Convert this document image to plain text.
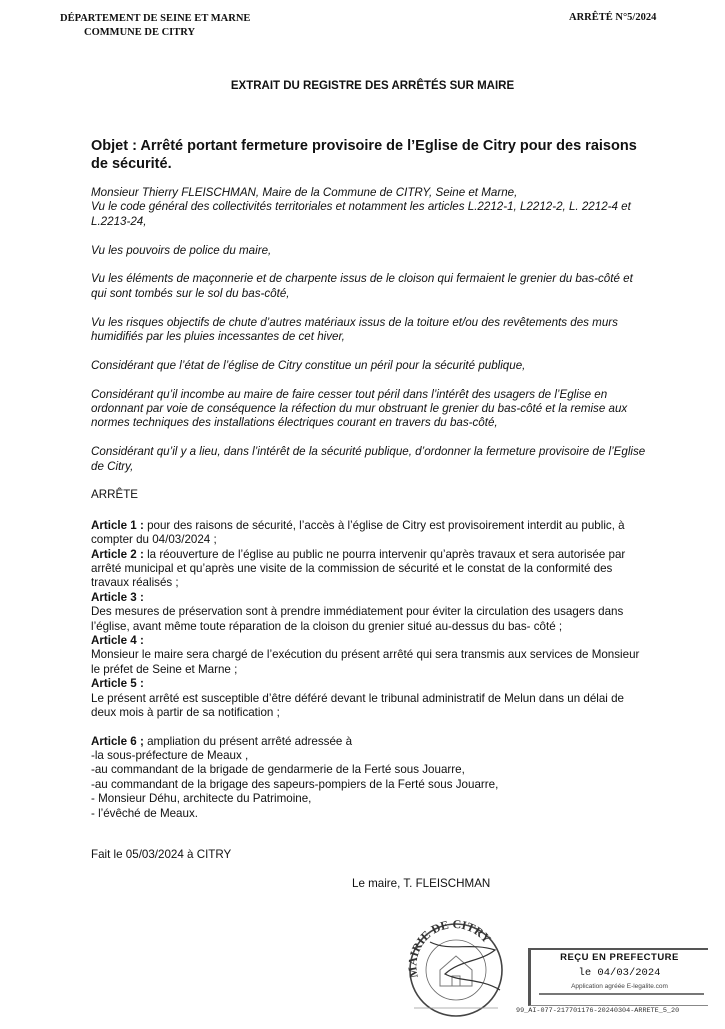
DÉPARTEMENT DE SEINE ET MARNE
COMMUNE DE CITRY
ARRÊTÉ N°5/2024
EXTRAIT DU REGISTRE DES ARRÊTÉS SUR MAIRE
Objet : Arrêté portant fermeture provisoire de l’Eglise de Citry pour des raisons de sécurité.

Monsieur Thierry FLEISCHMAN, Maire de la Commune de CITRY, Seine et Marne,
Vu le code général des collectivités territoriales et notamment les articles L.2212-1, L2212-2, L. 2212-4 et L.2213-24,

Vu les pouvoirs de police du maire,

Vu les éléments de maçonnerie et de charpente issus de le cloison qui fermaient le grenier du bas-côté et qui sont tombés sur le sol du bas-côté,

Vu les risques objectifs de chute d’autres matériaux issus de la toiture et/ou des revêtements des murs humidifiés par les pluies incessantes de cet hiver,

Considérant que l’état de l’église de Citry constitue un péril pour la sécurité publique,

Considérant qu’il incombe au maire de faire cesser tout péril dans l’intérêt des usagers de l’Eglise en ordonnant par voie de conséquence la réfection du mur obstruant le grenier du bas-côté et la remise aux normes techniques des installations électriques courant en travers du bas-côté,

Considérant qu’il y a lieu, dans l’intérêt de la sécurité publique, d’ordonner la fermeture provisoire de l’Eglise de Citry,

ARRÊTE

Article 1 : pour des raisons de sécurité, l’accès à l’église de Citry est provisoirement interdit au public, à compter du 04/03/2024 ;

Article 2 : la réouverture de l’église au public ne pourra intervenir qu’après travaux et sera autorisée par arrêté municipal et qu’après une visite de la commission de sécurité et le constat de la conformité des travaux réalisés ;

Article 3 :
Des mesures de préservation sont à prendre immédiatement pour éviter la circulation des usagers dans l’église, avant même toute réparation de la cloison du grenier situé au-dessus du bas- côté ;

Article 4 :
Monsieur le maire sera chargé de l’exécution du présent arrêté qui sera transmis aux services de Monsieur le préfet de Seine et Marne ;

Article 5 :
Le présent arrêté est susceptible d’être déféré devant le tribunal administratif de Melun dans un délai de deux mois à partir de sa notification ;

Article 6 ; ampliation du présent arrêté adressée à

-la sous-préfecture de Meaux ,

-au commandant de la brigade de gendarmerie de la Ferté sous Jouarre,

-au commandant de la brigage des sapeurs-pompiers de la Ferté sous Jouarre,

- Monsieur Déhu, architecte du Patrimoine,

- l’évêché de Meaux.

Fait le 05/03/2024 à CITRY
Le maire, T. FLEISCHMAN
MAIRIE DE CITRY
REÇU EN PREFECTURE
le 04/03/2024
Application agréée E-legalite.com
99_AI-077-217701176-20240304-ARRETE_5_20
